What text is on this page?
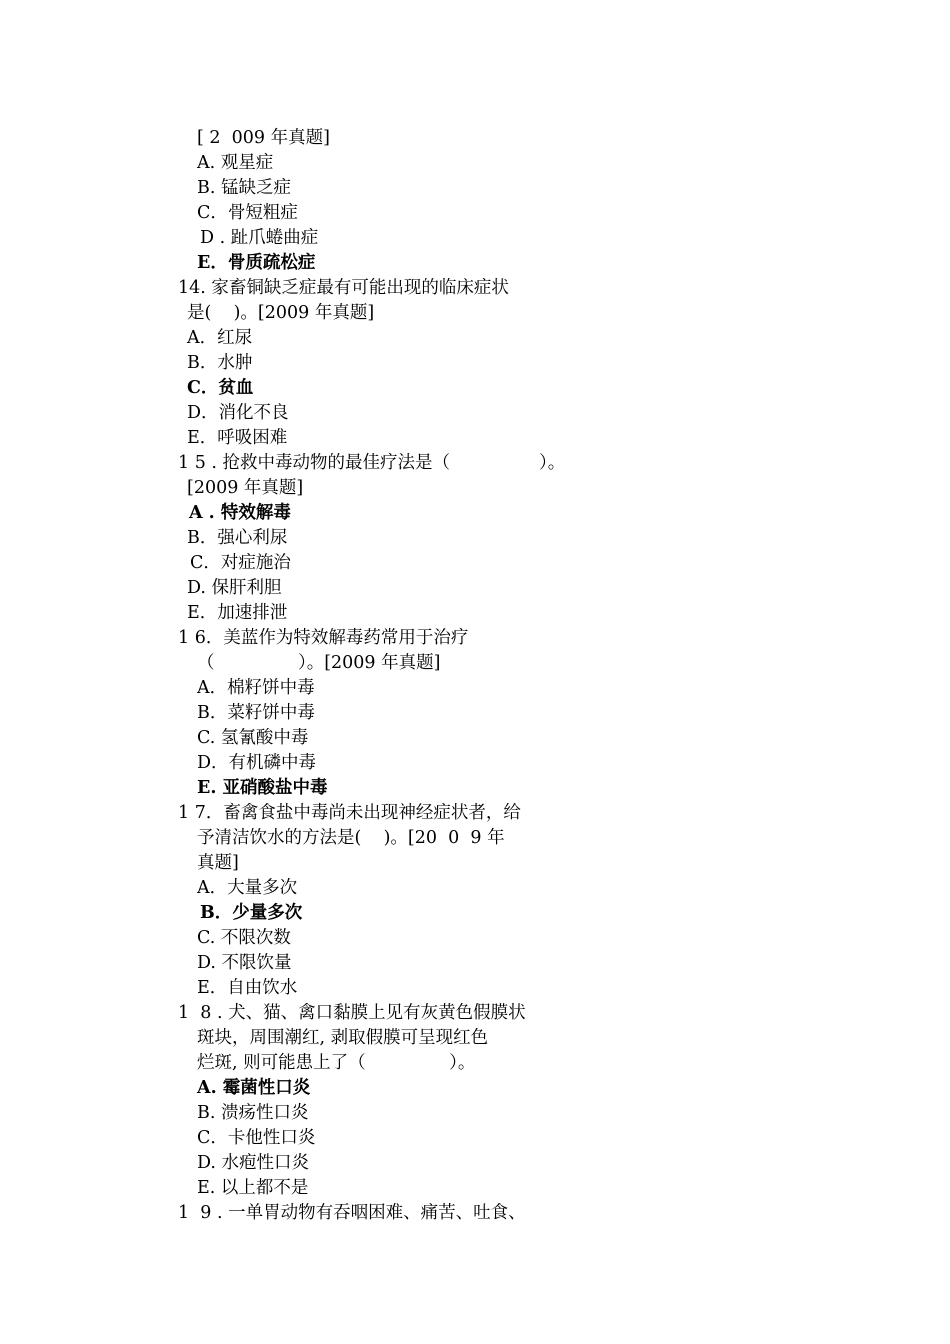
[ 2  009 年真题]
A. 观星症
B. 锰缺乏症
C．骨短粗症
D . 趾爪蜷曲症
E．骨质疏松症
14. 家畜铜缺乏症最有可能出现的临床症状
是(    )。[2009 年真题]
A．红尿
B．水肿
C．贫血
D．消化不良
E．呼吸困难
1 5 . 抢救中毒动物的最佳疗法是（                ）。
[2009 年真题]
A . 特效解毒
B．强心利尿
C．对症施治
D. 保肝利胆
E．加速排泄
1 6．美蓝作为特效解毒药常用于治疗
（               ）。[2009 年真题]
A．棉籽饼中毒
B．菜籽饼中毒
C. 氢氰酸中毒
D．有机磷中毒
E. 亚硝酸盐中毒
1 7．畜禽食盐中毒尚未出现神经症状者，给
予清洁饮水的方法是(    )。[20  0  9 年
真题]
A．大量多次
B．少量多次
C. 不限次数
D. 不限饮量
E．自由饮水
1  8 . 犬、猫、禽口黏膜上见有灰黄色假膜状
斑块，周围潮红, 剥取假膜可呈现红色
烂斑, 则可能患上了（               ）。
A. 霉菌性口炎
B. 溃疡性口炎
C．卡他性口炎
D. 水疱性口炎
E. 以上都不是
1  9 . 一单胃动物有吞咽困难、痛苦、吐食、
